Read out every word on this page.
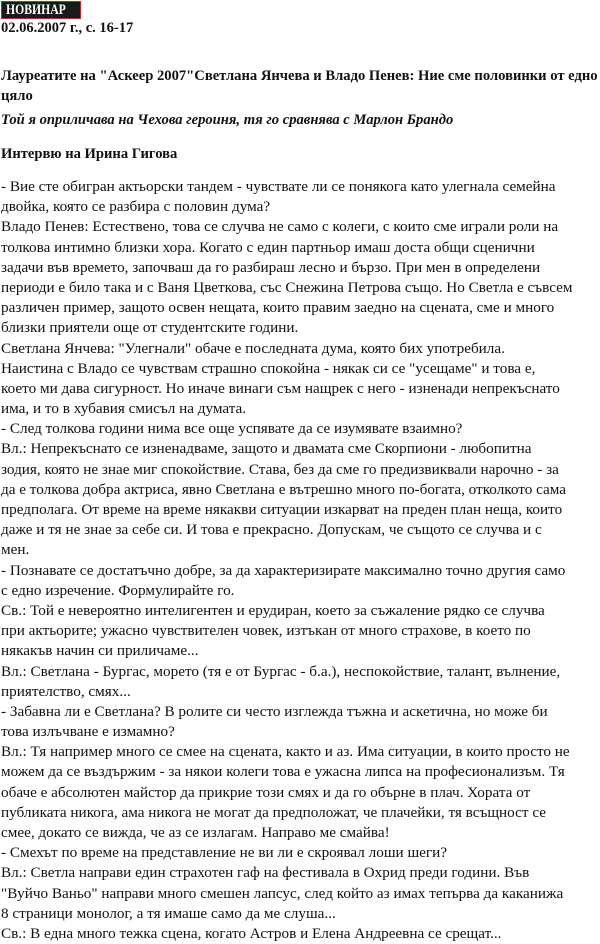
НОВИНАР
02.06.2007 г., с. 16-17
Лауреатите на "Аскеер 2007"Светлана Янчева и Владо Пенев: Ние сме половинки от едно цяло
Той я оприличава на Чехова героиня, тя го сравнява с Марлон Брандо
Интервю на Ирина Гигова
- Вие сте обигран актьорски тандем - чувствате ли се понякога като улегнала семейна
двойка, която се разбира с половин дума?
Владо Пенев: Естествено, това се случва не само с колеги, с които сме играли роли на
толкова интимно близки хора. Когато с един партньор имаш доста общи сценични
задачи във времето, започваш да го разбираш лесно и бързо. При мен в определени
периоди е било така и с Ваня Цветкова, със Снежина Петрова също. Но Светла е съвсем
различен пример, защото освен нещата, които правим заедно на сцената, сме и много
близки приятели още от студентските години.
Светлана Янчева: "Улегнали" обаче е последната дума, която бих употребила.
Наистина с Владо се чувствам страшно спокойна - някак си се "усещаме" и това е,
което ми дава сигурност. Но иначе винаги съм нащрек с него - изненади непрекъснато
има, и то в хубавия смисъл на думата.
- След толкова години нима все още успявате да се изумявате взаимно?
Вл.: Непрекъснато се изненадваме, защото и двамата сме Скорпиони - любопитна
зодия, която не знае миг спокойствие. Става, без да сме го предизвиквали нарочно - за
да е толкова добра актриса, явно Светлана е вътрешно много по-богата, отколкото сама
предполага. От време на време някакви ситуации изкарват на преден план неща, които
даже и тя не знае за себе си. И това е прекрасно. Допускам, че същото се случва и с
мен.
- Познавате се достатъчно добре, за да характеризирате максимално точно другия само
с едно изречение. Формулирайте го.
Св.: Той е невероятно интелигентен и ерудиран, което за съжаление рядко се случва
при актьорите; ужасно чувствителен човек, изтъкан от много страхове, в което по
някакъв начин си приличаме...
Вл.: Светлана - Бургас, морето (тя е от Бургас - б.а.), неспокойствие, талант, вълнение,
приятелство, смях...
- Забавна ли е Светлана? В ролите си често изглежда тъжна и аскетична, но може би
това излъчване е измамно?
Вл.: Тя например много се смее на сцената, както и аз. Има ситуации, в които просто не
можем да се въздържим - за някои колеги това е ужасна липса на професионализъм. Тя
обаче е абсолютен майстор да прикрие този смях и да го обърне в плач. Хората от
публиката никога, ама никога не могат да предположат, че плачейки, тя всъщност се
смее, докато се вижда, че аз се излагам. Направо ме смайва!
- Смехът по време на представление не ви ли е скроявал лоши шеги?
Вл.: Светла направи един страхотен гаф на фестивала в Охрид преди години. Във
"Вуйчо Ваньо" направи много смешен лапсус, след който аз имах тепърва да каканижа
8 страници монолог, а тя имаше само да ме слуша...
Св.: В една много тежка сцена, когато Астров и Елена Андреевна се срещат...
